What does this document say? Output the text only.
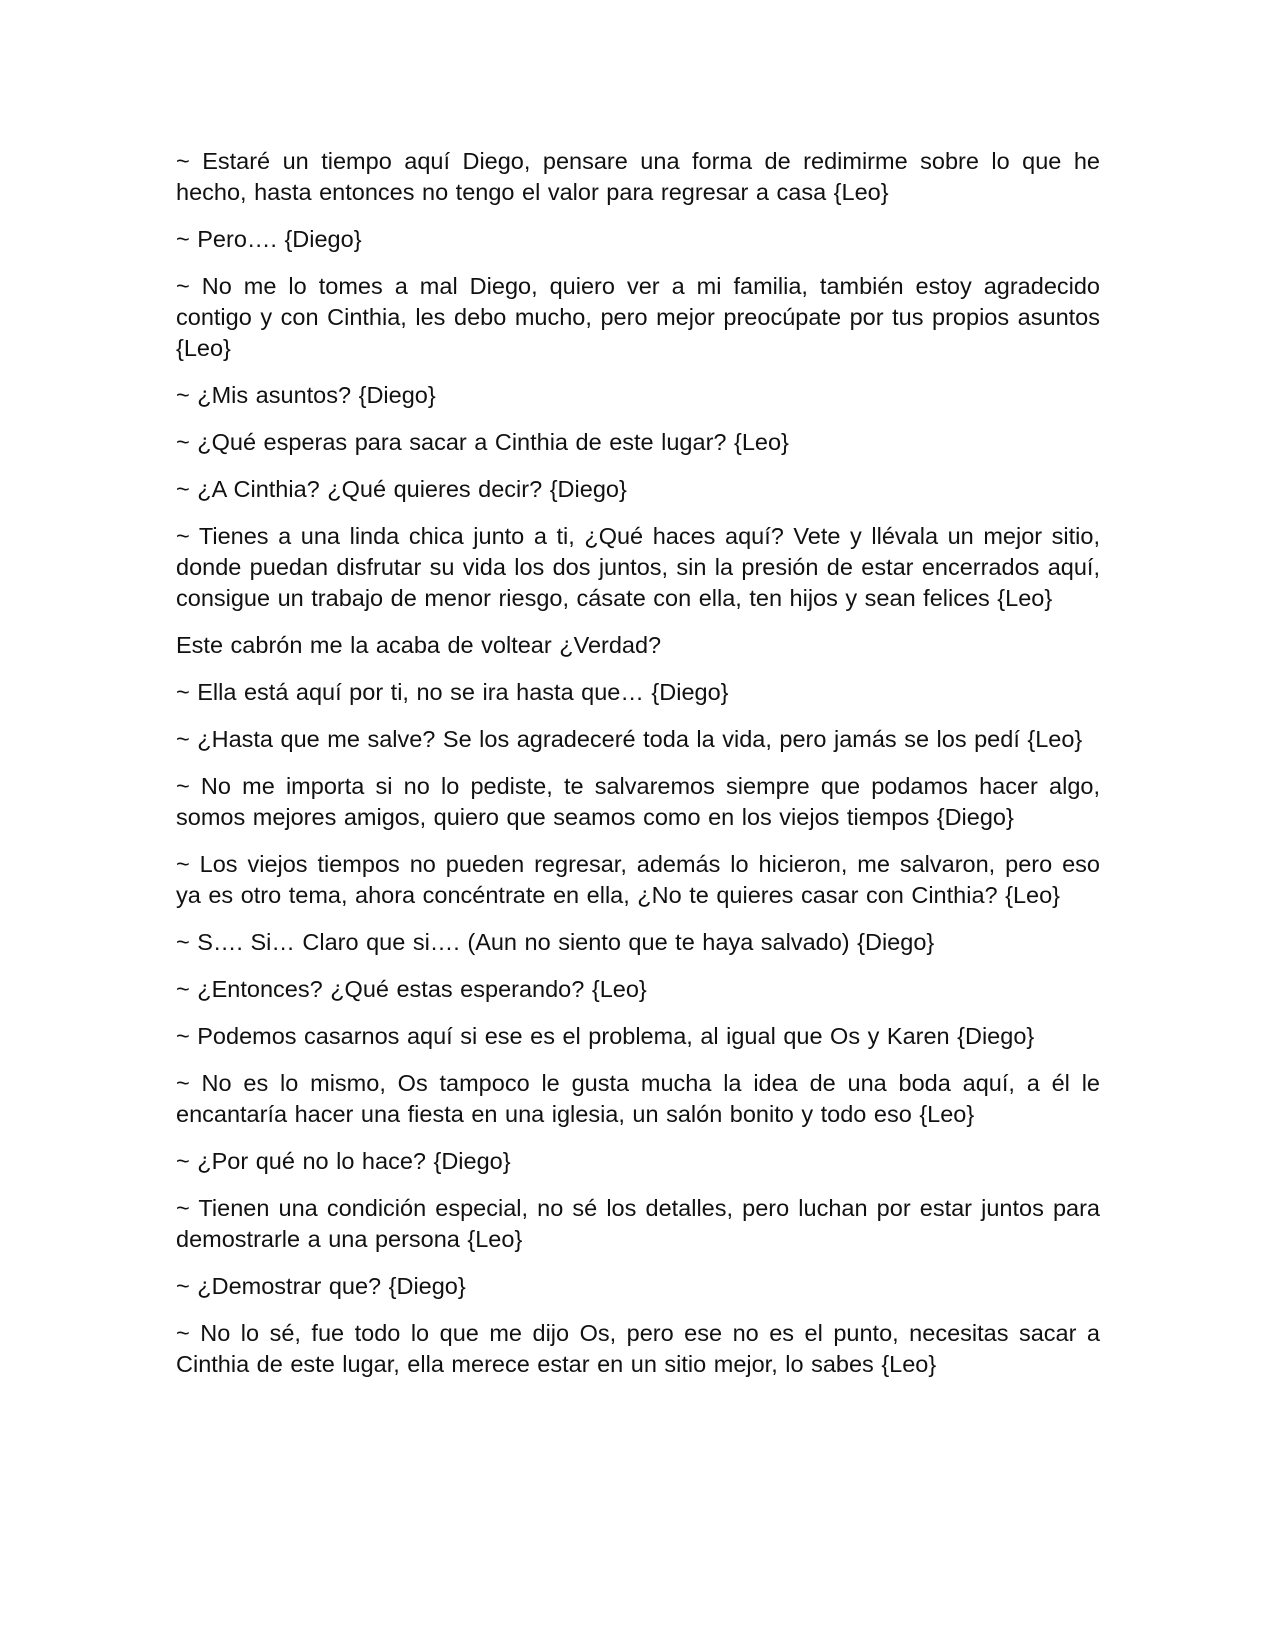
~ Estaré un tiempo aquí Diego, pensare una forma de redimirme sobre lo que he hecho, hasta entonces no tengo el valor para regresar a casa {Leo}

~ Pero…. {Diego}

~ No me lo tomes a mal Diego, quiero ver a mi familia, también estoy agradecido contigo y con Cinthia, les debo mucho, pero mejor preocúpate por tus propios asuntos {Leo}

~ ¿Mis asuntos? {Diego}

~ ¿Qué esperas para sacar a Cinthia de este lugar? {Leo}

~ ¿A Cinthia? ¿Qué quieres decir? {Diego}

~ Tienes a una linda chica junto a ti, ¿Qué haces aquí? Vete y llévala un mejor sitio, donde puedan disfrutar su vida los dos juntos, sin la presión de estar encerrados aquí, consigue un trabajo de menor riesgo, cásate con ella, ten hijos y sean felices {Leo}

Este cabrón me la acaba de voltear ¿Verdad?

~ Ella está aquí por ti, no se ira hasta que… {Diego}

~ ¿Hasta que me salve? Se los agradeceré toda la vida, pero jamás se los pedí {Leo}

~ No me importa si no lo pediste, te salvaremos siempre que podamos hacer algo, somos mejores amigos, quiero que seamos como en los viejos tiempos {Diego}

~ Los viejos tiempos no pueden regresar, además lo hicieron, me salvaron, pero eso ya es otro tema, ahora concéntrate en ella, ¿No te quieres casar con Cinthia? {Leo}

~ S…. Si… Claro que si…. (Aun no siento que te haya salvado) {Diego}

~ ¿Entonces? ¿Qué estas esperando? {Leo}

~ Podemos casarnos aquí si ese es el problema, al igual que Os y Karen {Diego}

~ No es lo mismo, Os tampoco le gusta mucha la idea de una boda aquí, a él le encantaría hacer una fiesta en una iglesia, un salón bonito y todo eso {Leo}

~ ¿Por qué no lo hace? {Diego}

~ Tienen una condición especial, no sé los detalles, pero luchan por estar juntos para demostrarle a una persona {Leo}

~ ¿Demostrar que? {Diego}

~ No lo sé, fue todo lo que me dijo Os, pero ese no es el punto, necesitas sacar a Cinthia de este lugar, ella merece estar en un sitio mejor, lo sabes {Leo}
